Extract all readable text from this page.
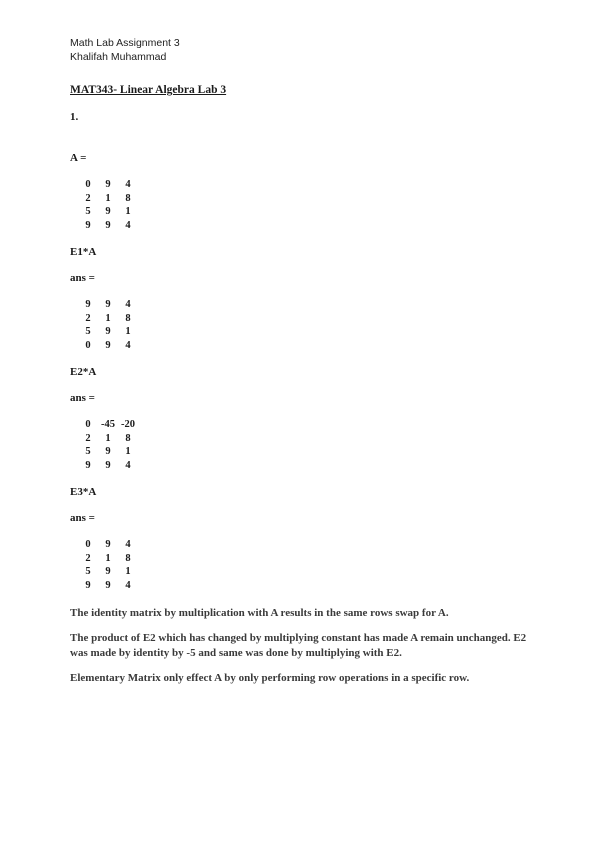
Math Lab Assignment 3
Khalifah Muhammad
MAT343- Linear Algebra Lab 3
1.
A =
0 9 4
2 1 8
5 9 1
9 9 4
E1*A
ans =
9 9 4
2 1 8
5 9 1
0 9 4
E2*A
ans =
0 -45 -20
2 1 8
5 9 1
9 9 4
E3*A
ans =
0 9 4
2 1 8
5 9 1
9 9 4
The identity matrix by multiplication with A results in the same rows swap for A.
The product of E2 which has changed by multiplying constant has made A remain unchanged. E2 was made by identity by -5 and same was done by multiplying with E2.
Elementary Matrix only effect A by only performing row operations in a specific row.
